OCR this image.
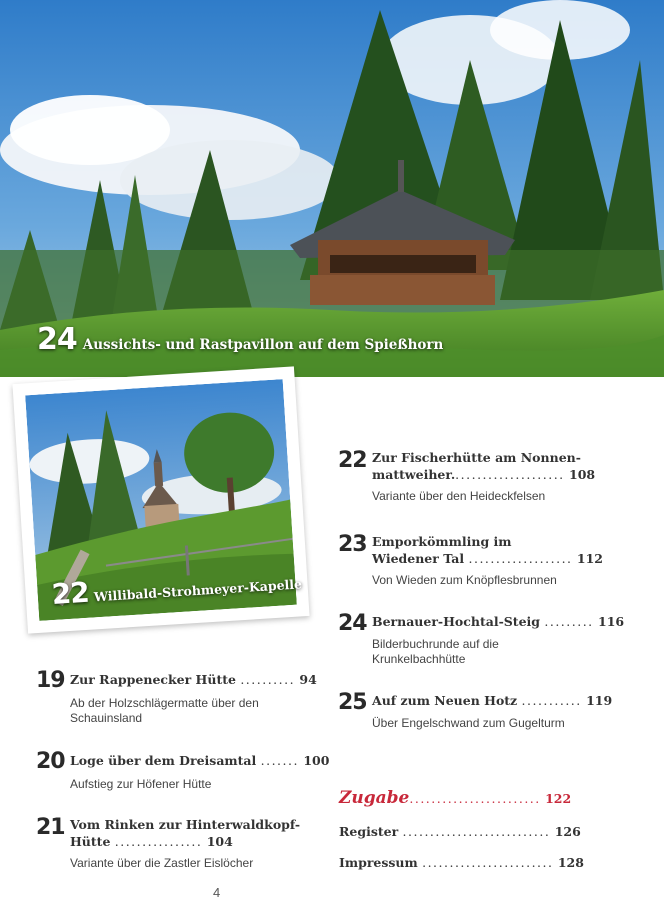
24 Aussichts- und Rastpavillon auf dem Spießhorn
22 Willibald-Strohmeyer-Kapelle
19 Zur Rappenecker Hütte .......... 94
Ab der Holzschlägermatte über den Schauinsland
20 Loge über dem Dreisamtal ....... 100
Aufstieg zur Höfener Hütte
21 Vom Rinken zur Hinterwaldkopf-
Hütte ................ 104
Variante über die Zastler Eislöcher
22 Zur Fischerhütte am Nonnen-
mattweiher..................... 108
Variante über den Heideckfelsen
23 Emporkömmling im
Wiedener Tal ................... 112
Von Wieden zum Knöpflesbrunnen
24 Bernauer-Hochtal-Steig ......... 116
Bilderbuchrunde auf die Krunkelbachhütte
25 Auf zum Neuen Hotz ........... 119
Über Engelschwand zum Gugelturm
Zugabe........................ 122
Register ........................... 126
Impressum ........................ 128
4
